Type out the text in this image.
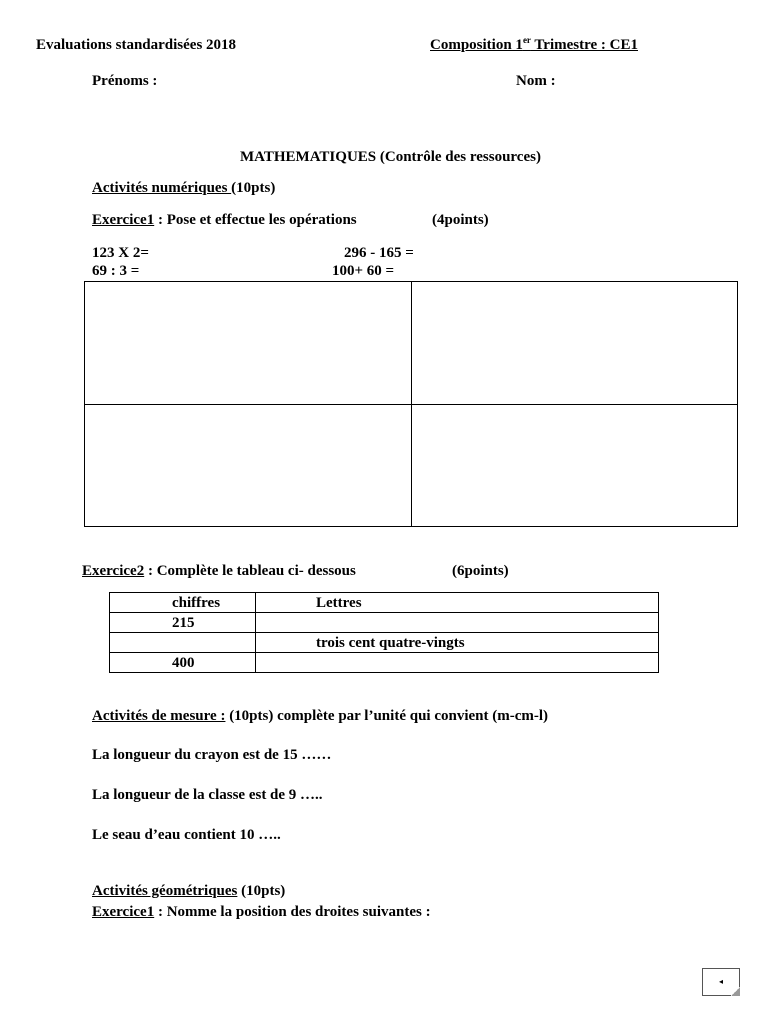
Evaluations standardisées 2018	Composition 1er Trimestre : CE1
Prénoms :	Nom :
MATHEMATIQUES (Contrôle des ressources)
Activités numériques (10pts)
Exercice1 : Pose et effectue les opérations	(4points)
123 X 2=	296 - 165 =
69 : 3 =	100+ 60 =
Exercice2 : Complète le tableau ci- dessous	(6points)
chiffres	Lettres
215	
	trois cent quatre-vingts
400	
Activités de mesure : (10pts) complète par l’unité qui convient (m-cm-l)
La longueur du crayon est de 15 ……
La longueur de la classe est de 9 …..
Le seau d’eau contient 10 …..
Activités géométriques (10pts)
Exercice1 : Nomme la position des droites suivantes :
◂
